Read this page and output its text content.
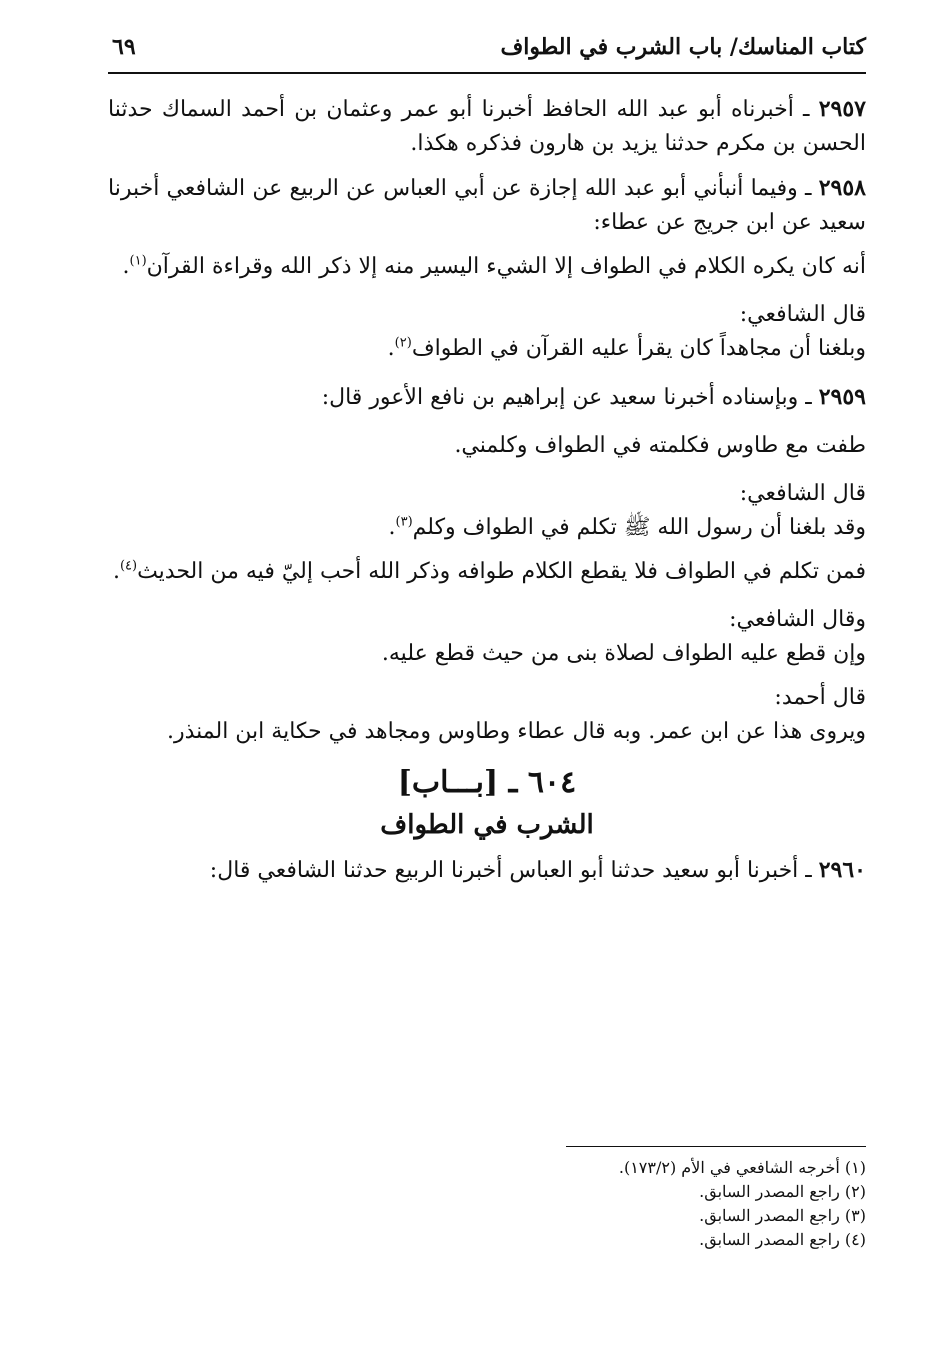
كتاب المناسك/ باب الشرب في الطواف
٦٩

٢٩٥٧ ـ أخبرناه أبو عبد الله الحافظ أخبرنا أبو عمر وعثمان بن أحمد السماك حدثنا الحسن بن مكرم حدثنا يزيد بن هارون فذكره هكذا.

٢٩٥٨ ـ وفيما أنبأني أبو عبد الله إجازة عن أبي العباس عن الربيع عن الشافعي أخبرنا سعيد عن ابن جريج عن عطاء:

أنه كان يكره الكلام في الطواف إلا الشيء اليسير منه إلا ذكر الله وقراءة القرآن$^{(١)}$.

قال الشافعي:

وبلغنا أن مجاهداً كان يقرأ عليه القرآن في الطواف$^{(٢)}$.

٢٩٥٩ ـ وبإسناده أخبرنا سعيد عن إبراهيم بن نافع الأعور قال:

طفت مع طاوس فكلمته في الطواف وكلمني.

قال الشافعي:

وقد بلغنا أن رسول الله ﷺ تكلم في الطواف وكلم$^{(٣)}$.

فمن تكلم في الطواف فلا يقطع الكلام طوافه وذكر الله أحب إليّ فيه من الحديث$^{(٤)}$.

وقال الشافعي:

وإن قطع عليه الطواف لصلاة بنى من حيث قطع عليه.

قال أحمد:

ويروى هذا عن ابن عمر. وبه قال عطاء وطاوس ومجاهد في حكاية ابن المنذر.

٦٠٤ ـ [بـــاب]
الشرب في الطواف

٢٩٦٠ ـ أخبرنا أبو سعيد حدثنا أبو العباس أخبرنا الربيع حدثنا الشافعي قال:

(١) أخرجه الشافعي في الأم (١٧٣/٢).
(٢) راجع المصدر السابق.
(٣) راجع المصدر السابق.
(٤) راجع المصدر السابق.
